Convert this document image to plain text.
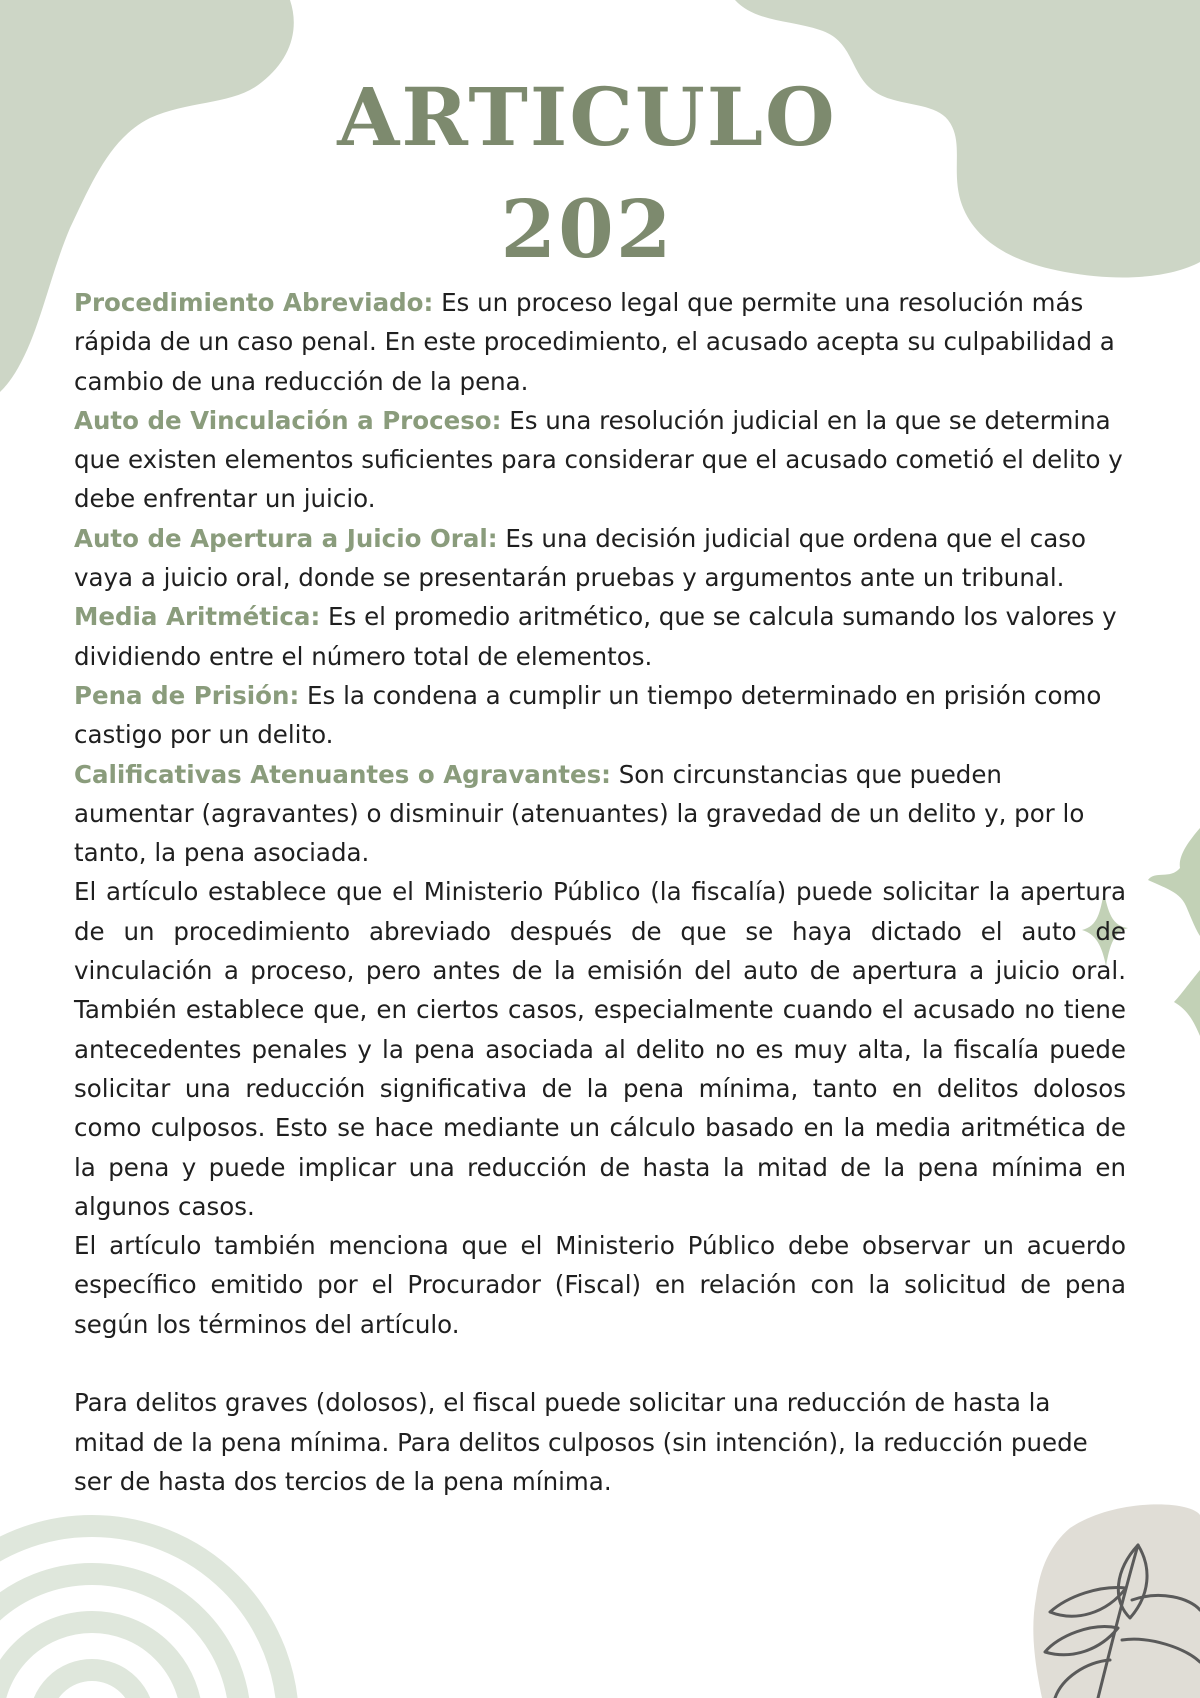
ARTICULO
202

Procedimiento Abreviado: Es un proceso legal que permite una resolución más rápida de un caso penal. En este procedimiento, el acusado acepta su culpabilidad a cambio de una reducción de la pena.

Auto de Vinculación a Proceso: Es una resolución judicial en la que se determina que existen elementos suficientes para considerar que el acusado cometió el delito y debe enfrentar un juicio.

Auto de Apertura a Juicio Oral: Es una decisión judicial que ordena que el caso vaya a juicio oral, donde se presentarán pruebas y argumentos ante un tribunal.

Media Aritmética: Es el promedio aritmético, que se calcula sumando los valores y dividiendo entre el número total de elementos.

Pena de Prisión: Es la condena a cumplir un tiempo determinado en prisión como castigo por un delito.

Calificativas Atenuantes o Agravantes: Son circunstancias que pueden aumentar (agravantes) o disminuir (atenuantes) la gravedad de un delito y, por lo tanto, la pena asociada.

El artículo establece que el Ministerio Público (la fiscalía) puede solicitar la apertura de un procedimiento abreviado después de que se haya dictado el auto de vinculación a proceso, pero antes de la emisión del auto de apertura a juicio oral. También establece que, en ciertos casos, especialmente cuando el acusado no tiene antecedentes penales y la pena asociada al delito no es muy alta, la fiscalía puede solicitar una reducción significativa de la pena mínima, tanto en delitos dolosos como culposos. Esto se hace mediante un cálculo basado en la media aritmética de la pena y puede implicar una reducción de hasta la mitad de la pena mínima en algunos casos.

El artículo también menciona que el Ministerio Público debe observar un acuerdo específico emitido por el Procurador (Fiscal) en relación con la solicitud de pena según los términos del artículo.

Para delitos graves (dolosos), el fiscal puede solicitar una reducción de hasta la mitad de la pena mínima. Para delitos culposos (sin intención), la reducción puede ser de hasta dos tercios de la pena mínima.
